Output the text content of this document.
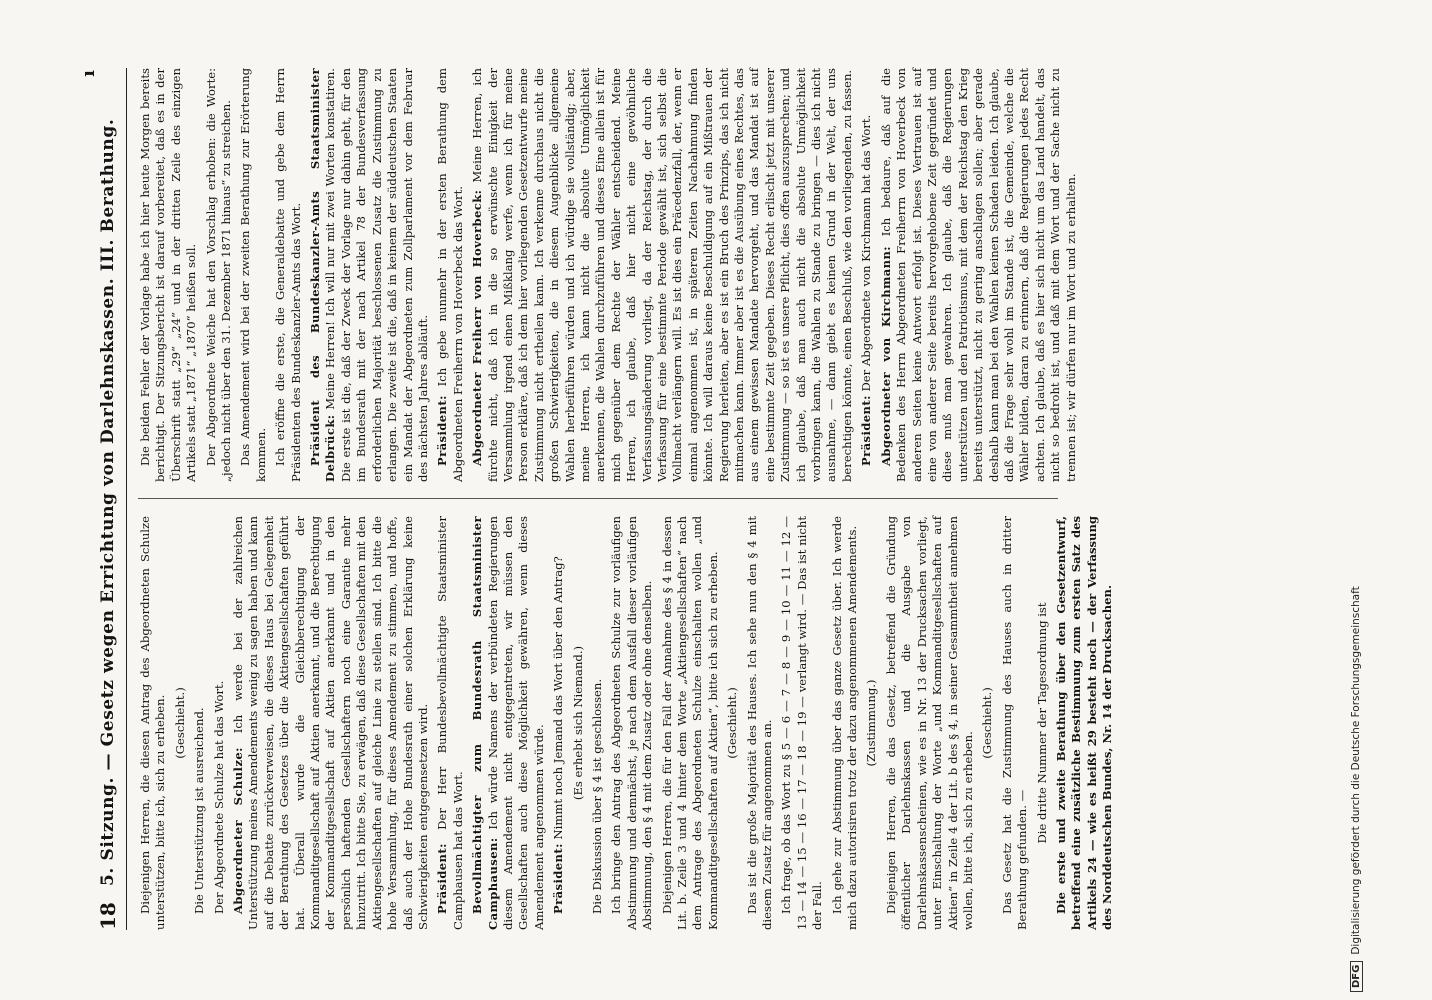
18
5. Sitzung. — Gesetz wegen Errichtung von Darlehnskassen. III. Berathung.
ı

Diejenigen Herren, die diesen Antrag des Abgeordneten Schulze unterstützen, bitte ich, sich zu erheben. (Geschieht.) Die Unterstützung ist ausreichend. Der Abgeordnete Schulze hat das Wort. Abgeordneter Schulze: Ich werde bei der zahlreichen Unterstützung meines Amendements wenig zu sagen haben und kann auf die Debatte zurückverweisen, die dieses Haus bei Gelegenheit der Berathung des Gesetzes über die Aktiengesellschaften geführt hat. Überall wurde die Gleichberechtigung der Kommanditgesellschaft auf Aktien anerkannt, und die Berechtigung der Kommanditgesellschaft auf Aktien anerkannt und in den persönlich haftenden Gesellschaftern noch eine Garantie mehr hinzutritt. Ich bitte Sie, zu erwägen, daß diese Gesellschaften mit den Aktiengesellschaften auf gleiche Linie zu stellen sind. Ich bitte die hohe Versammlung, für dieses Amendement zu stimmen, und hoffe, daß auch der Hohe Bundesrath einer solchen Erklärung keine Schwierigkeiten entgegensetzen wird. Präsident: Der Herr Bundesbevollmächtigte Staatsminister Camphausen hat das Wort. Bevollmächtigter zum Bundesrath Staatsminister Camphausen: Ich würde Namens der verbündeten Regierungen diesem Amendement nicht entgegentreten, wir müssen den Gesellschaften auch diese Möglichkeit gewähren, wenn dieses Amendement angenommen würde. Präsident: Nimmt noch Jemand das Wort über den Antrag? (Es erhebt sich Niemand.) Die Diskussion über § 4 ist geschlossen. Ich bringe den Antrag des Abgeordneten Schulze zur vorläufigen Abstimmung und demnächst, je nach dem Ausfall dieser vorläufigen Abstimmung, den § 4 mit dem Zusatz oder ohne denselben. Diejenigen Herren, die für den Fall der Annahme des § 4 in dessen Lit. b. Zeile 3 und 4 hinter dem Worte „Aktiengesellschaften“ nach dem Antrage des Abgeordneten Schulze einschalten wollen „und Kommanditgesellschaften auf Aktien“, bitte ich sich zu erheben. (Geschieht.) Das ist die große Majorität des Hauses. Ich sehe nun den § 4 mit diesem Zusatz für angenommen an. Ich frage, ob das Wort zu § 5 — 6 — 7 — 8 — 9 — 10 — 11 — 12 — 13 — 14 — 15 — 16 — 17 — 18 — 19 — verlangt wird. — Das ist nicht der Fall. Ich gehe zur Abstimmung über das ganze Gesetz über. Ich werde mich dazu autorisiren trotz der dazu angenommenen Amendements. (Zustimmung.) Diejenigen Herren, die das Gesetz, betreffend die Gründung öffentlicher Darlehnskassen und die Ausgabe von Darlehnskassenscheinen, wie es in Nr. 13 der Drucksachen vorliegt, unter Einschaltung der Worte „und Kommanditgesellschaften auf Aktien“ in Zeile 4 der Lit. b des § 4, in seiner Gesammtheit annehmen wollen, bitte ich, sich zu erheben.

(Geschieht.) Das Gesetz hat die Zustimmung des Hauses auch in dritter Berathung gefunden. —

Die dritte Nummer der Tagesordnung ist Die erste und zweite Berathung über den Gesetzentwurf, betreffend eine zusätzliche Bestimmung zum ersten Satz des Artikels 24 — wie es heißt 29 besteht noch — der Verfassung des Norddeutschen Bundes, Nr. 14 der Drucksachen.

Die beiden Fehler der Vorlage habe ich hier heute Morgen bereits berichtigt. Der Sitzungsbericht ist darauf vorbereitet, daß es in der Überschrift statt „29“ „24“ und in der dritten Zeile des einzigen Artikels statt „1871“ „1870“ heißen soll. Der Abgeordnete Weiche hat den Vorschlag erhoben: die Worte: „jedoch nicht über den 31. Dezember 1871 hinaus“ zu streichen. Das Amendement wird bei der zweiten Berathung zur Erörterung kommen. Ich eröffne die erste, die Generaldebatte und gebe dem Herrn Präsidenten des Bundeskanzler-Amts das Wort. Präsident des Bundeskanzler-Amts Staatsminister Delbrück: Meine Herren! Ich will nur mit zwei Worten konstatiren. Die erste ist die, daß der Zweck der Vorlage nur dahin geht, für den im Bundesrath mit der nach Artikel 78 der Bundesverfassung erforderlichen Majorität beschlossenen Zusatz die Zustimmung zu erlangen. Die zweite ist die, daß in keinem der süddeutschen Staaten ein Mandat der Abgeordneten zum Zollparlament vor dem Februar des nächsten Jahres abläuft. Präsident: Ich gebe nunmehr in der ersten Berathung dem Abgeordneten Freiherrn von Hoverbeck das Wort. Abgeordneter Freiherr von Hoverbeck: Meine Herren, ich fürchte nicht, daß ich in die so erwünschte Einigkeit der Versammlung irgend einen Mißklang werfe, wenn ich für meine Person erkläre, daß ich dem hier vorliegenden Gesetzentwurfe meine Zustimmung nicht ertheilen kann. Ich verkenne durchaus nicht die großen Schwierigkeiten, die in diesem Augenblicke allgemeine Wahlen herbeiführen würden und ich würdige sie vollständig; aber, meine Herren, ich kann nicht die absolute Unmöglichkeit anerkennen, die Wahlen durchzuführen und dieses Eine allein ist für mich gegenüber dem Rechte der Wähler entscheidend. Meine Herren, ich glaube, daß hier nicht eine gewöhnliche Verfassungsänderung vorliegt, da der Reichstag, der durch die Verfassung für eine bestimmte Periode gewählt ist, sich selbst die Vollmacht verlängern will. Es ist dies ein Präcedenzfall, der, wenn er einmal angenommen ist, in späteren Zeiten Nachahmung finden könnte. Ich will daraus keine Beschuldigung auf ein Mißtrauen der Regierung herleiten, aber es ist ein Bruch des Prinzips, das ich nicht mitmachen kann. Immer aber ist es die Ausübung eines Rechtes, das aus einem gewissen Mandate hervorgeht, und das Mandat ist auf eine bestimmte Zeit gegeben. Dieses Recht erlischt jetzt mit unserer Zustimmung — so ist es unsere Pflicht, dies offen auszusprechen; und ich glaube, daß man auch nicht die absolute Unmöglichkeit vorbringen kann, die Wahlen zu Stande zu bringen — dies ich nicht ausnahme, — dann giebt es keinen Grund in der Welt, der uns berechtigen könnte, einen Beschluß, wie den vorliegenden, zu fassen. Präsident: Der Abgeordnete von Kirchmann hat das Wort. Abgeordneter von Kirchmann: Ich bedaure, daß auf die Bedenken des Herrn Abgeordneten Freiherrn von Hoverbeck von anderen Seiten keine Antwort erfolgt ist. Dieses Vertrauen ist auf eine von anderer Seite bereits hervorgehobene Zeit gegründet und diese muß man gewahren. Ich glaube, daß die Regierungen unterstützen und den Patriotismus, mit dem der Reichstag den Krieg bereits unterstützt, nicht zu gering anschlagen sollen; aber gerade deshalb kann man bei den Wahlen keinen Schaden leiden. Ich glaube, daß die Frage sehr wohl im Stande ist, die Gemeinde, welche die Wähler bilden, daran zu erinnern, daß die Regierungen jedes Recht achten. Ich glaube, daß es hier sich nicht um das Land handelt, das nicht so bedroht ist, und daß mit dem Wort und der Sache nicht zu trennen ist; wir dürfen nur im Wort und zu erhalten.

DFGDigitalisierung gefördert durch die Deutsche Forschungsgemeinschaft
